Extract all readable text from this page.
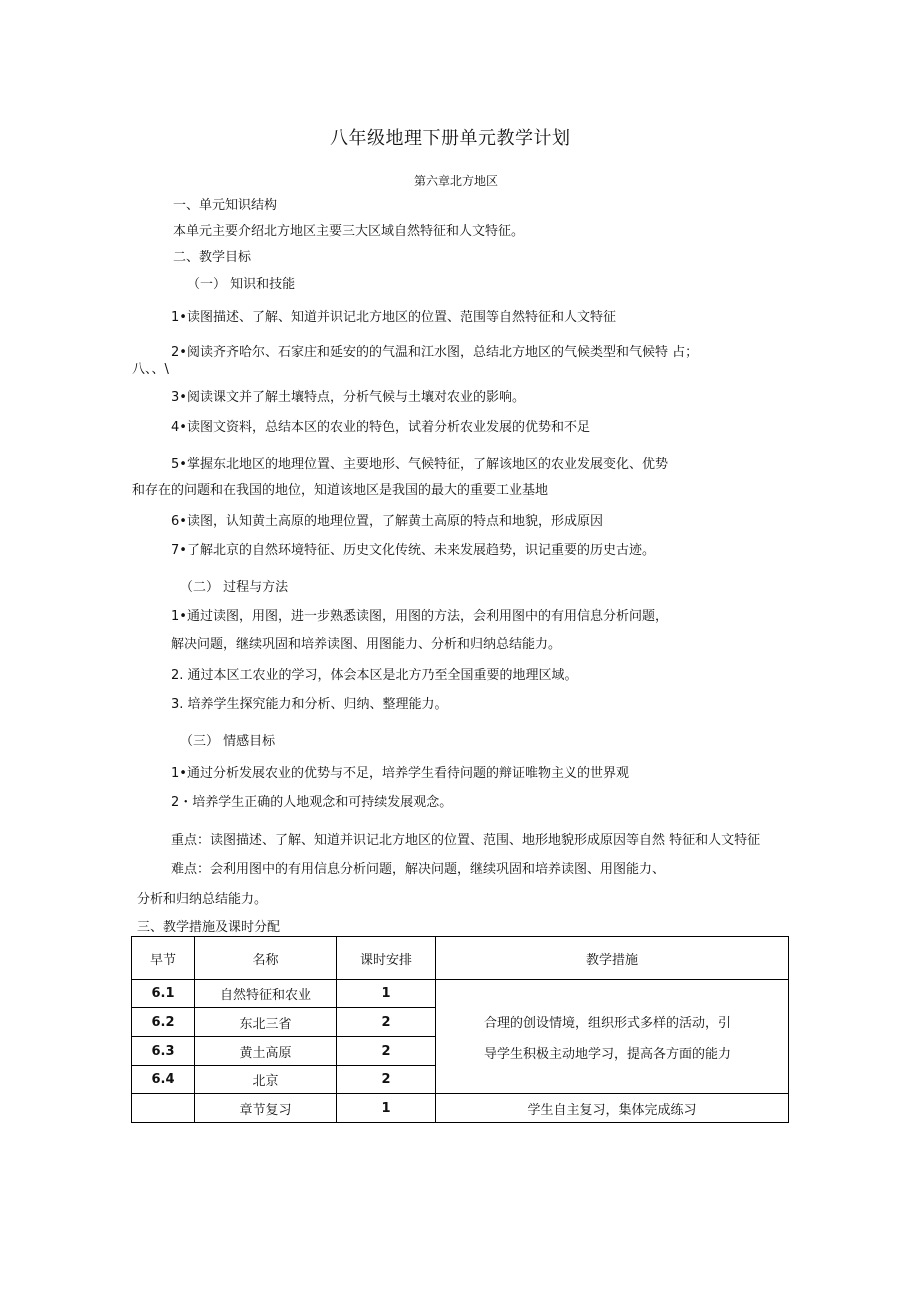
八年级地理下册单元教学计划
第六章北方地区
一、单元知识结构
本单元主要介绍北方地区主要三大区域自然特征和人文特征。
二、教学目标
（一） 知识和技能
1•读图描述、了解、知道并识记北方地区的位置、范围等自然特征和人文特征
2•阅读齐齐哈尔、石家庄和延安的的气温和江水图，总结北方地区的气候类型和气候特 占；
八、、\
3•阅读课文并了解土壤特点，分析气候与土壤对农业的影响。
4•读图文资料，总结本区的农业的特色，试着分析农业发展的优势和不足
5•掌握东北地区的地理位置、主要地形、气候特征，了解该地区的农业发展变化、优势
和存在的问题和在我国的地位，知道该地区是我国的最大的重要工业基地
6•读图，认知黄土高原的地理位置，了解黄土高原的特点和地貌，形成原因
7•了解北京的自然环境特征、历史文化传统、未来发展趋势，识记重要的历史古迹。
（二） 过程与方法
1•通过读图，用图，进一步熟悉读图，用图的方法，会利用图中的有用信息分析问题，
解决问题，继续巩固和培养读图、用图能力、分析和归纳总结能力。
2. 通过本区工农业的学习，体会本区是北方乃至全国重要的地理区域。
3. 培养学生探究能力和分析、归纳、整理能力。
（三） 情感目标
1•通过分析发展农业的优势与不足，培养学生看待问题的辩证唯物主义的世界观
2・培养学生正确的人地观念和可持续发展观念。
重点：读图描述、了解、知道并识记北方地区的位置、范围、地形地貌形成原因等自然 特征和人文特征
难点：会利用图中的有用信息分析问题，解决问题，继续巩固和培养读图、用图能力、
分析和归纳总结能力。
三、教学措施及课时分配
早节	名称	课时安排	教学措施
6.1	自然特征和农业	1	合理的创设情境，组织形式多样的活动，引
导学生积极主动地学习，提高各方面的能力

6.2	东北三省	2	
6.3	黄土高原	2	
6.4	北京	2	
	章节复习	1	学生自主复习，集体完成练习
